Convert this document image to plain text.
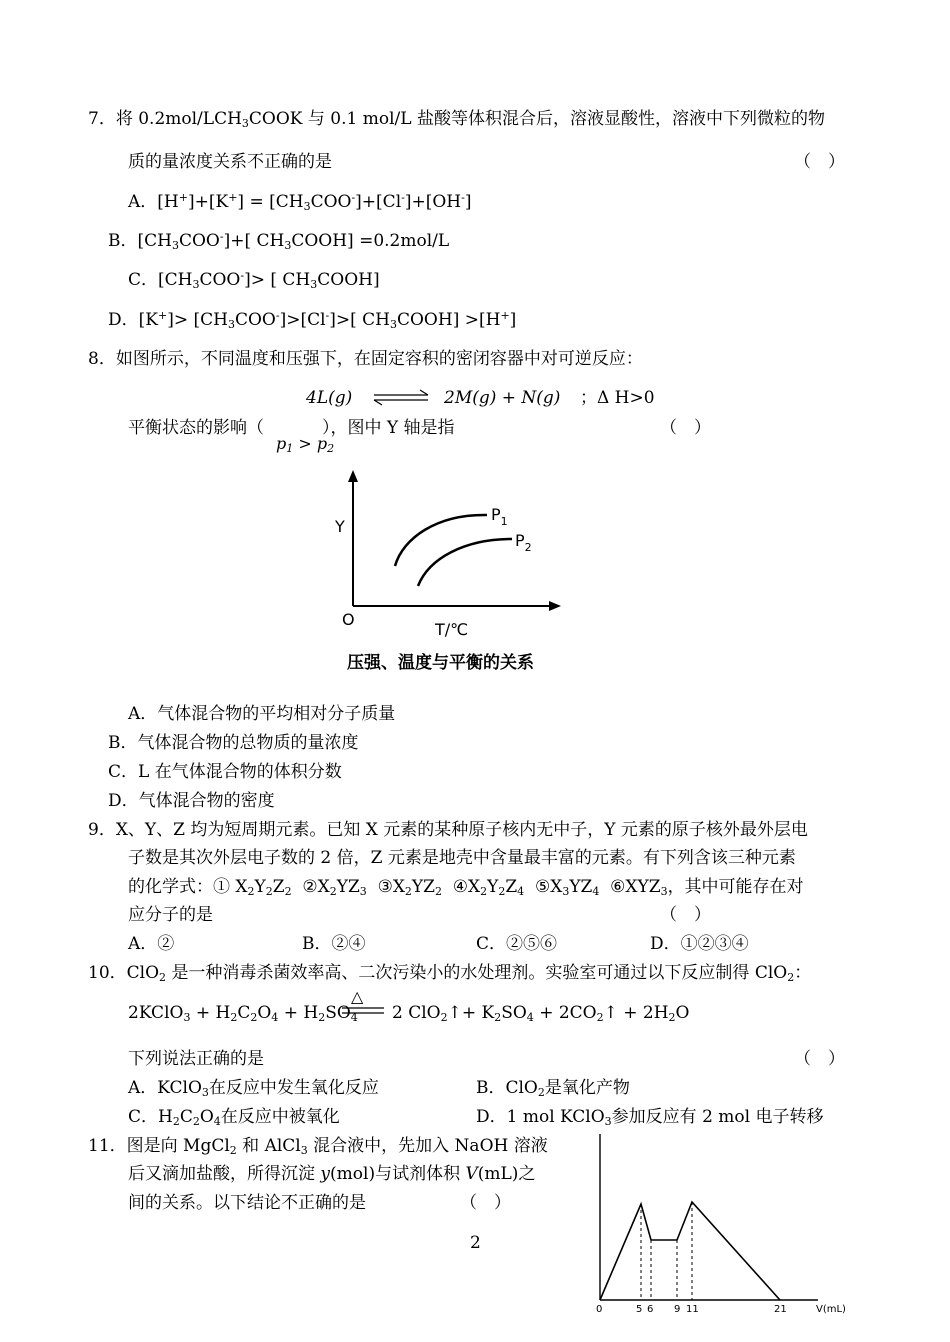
7．将 $0.2mol/LCH_3COOK$ 与 0.1 mol/L 盐酸等体积混合后，溶液显酸性，溶液中下列微粒的物
质的量浓度关系不正确的是	（　）
A．$[H^+]+[K^+] = [CH_3COO^-]+[Cl^-]+[OH^-]$
B．$[CH_3COO^-]+$[ $CH_3COOH] =0.2mol/L$
C．$[CH_3COO^-]>$ [ $CH_3COOH$]
D．$[K^+]> [CH_3COO^-]>[Cl^-]>$[ $CH_3COOH] >[H^+]$
8．如图所示，不同温度和压强下，在固定容积的密闭容器中对可逆反应：
4L(g) ⇌ 2M(g) + N(g) ；Δ H>0
平衡状态的影响（	），图中 Y 轴是指	（　）
$p_1 > p_2$
Y
O
T/℃
$P_1$
$P_2$
压强、温度与平衡的关系
A．气体混合物的平均相对分子质量
B．气体混合物的总物质的量浓度
C．L 在气体混合物的体积分数
D．气体混合物的密度
9．X、Y、Z 均为短周期元素。已知 X 元素的某种原子核内无中子，Y 元素的原子核外最外层电
子数是其次外层电子数的 2 倍，Z 元素是地壳中含量最丰富的元素。有下列含该三种元素
的化学式：① $X_2Y_2Z_2$  $②X_2YZ_3$  $③X_2YZ_2$  $④X_2Y_2Z_4$  $⑤X_3YZ_4$  $⑥XYZ_3$，其中可能存在对
应分子的是	（　）
A．②	B．②④	C．②⑤⑥	D．①②③④
10．ClO$_2$ 是一种消毒杀菌效率高、二次污染小的水处理剂。实验室可通过以下反应制得 ClO$_2$：
2KClO$_3$ + $H_2C_2O_4 + H_2SO_4$
△
2 ClO$_2$↑+ $K_2SO_4$ + $2CO_2↑ + 2H_2O$
下列说法正确的是	（　）
A．KClO$_3$在反应中发生氧化反应	B．ClO$_2$是氧化产物
C．$H_2C_2O_4$在反应中被氧化	D．1 mol KClO$_3$参加反应有 2 mol 电子转移
11．图是向 MgCl$_2$ 和 AlCl$_3$ 混合液中，先加入 NaOH 溶液
后又滴加盐酸，所得沉淀 y(mol)与试剂体积 V(mL)之
间的关系。以下结论不正确的是	（　）
0	5 6 9 11	21	V(mL)
2
